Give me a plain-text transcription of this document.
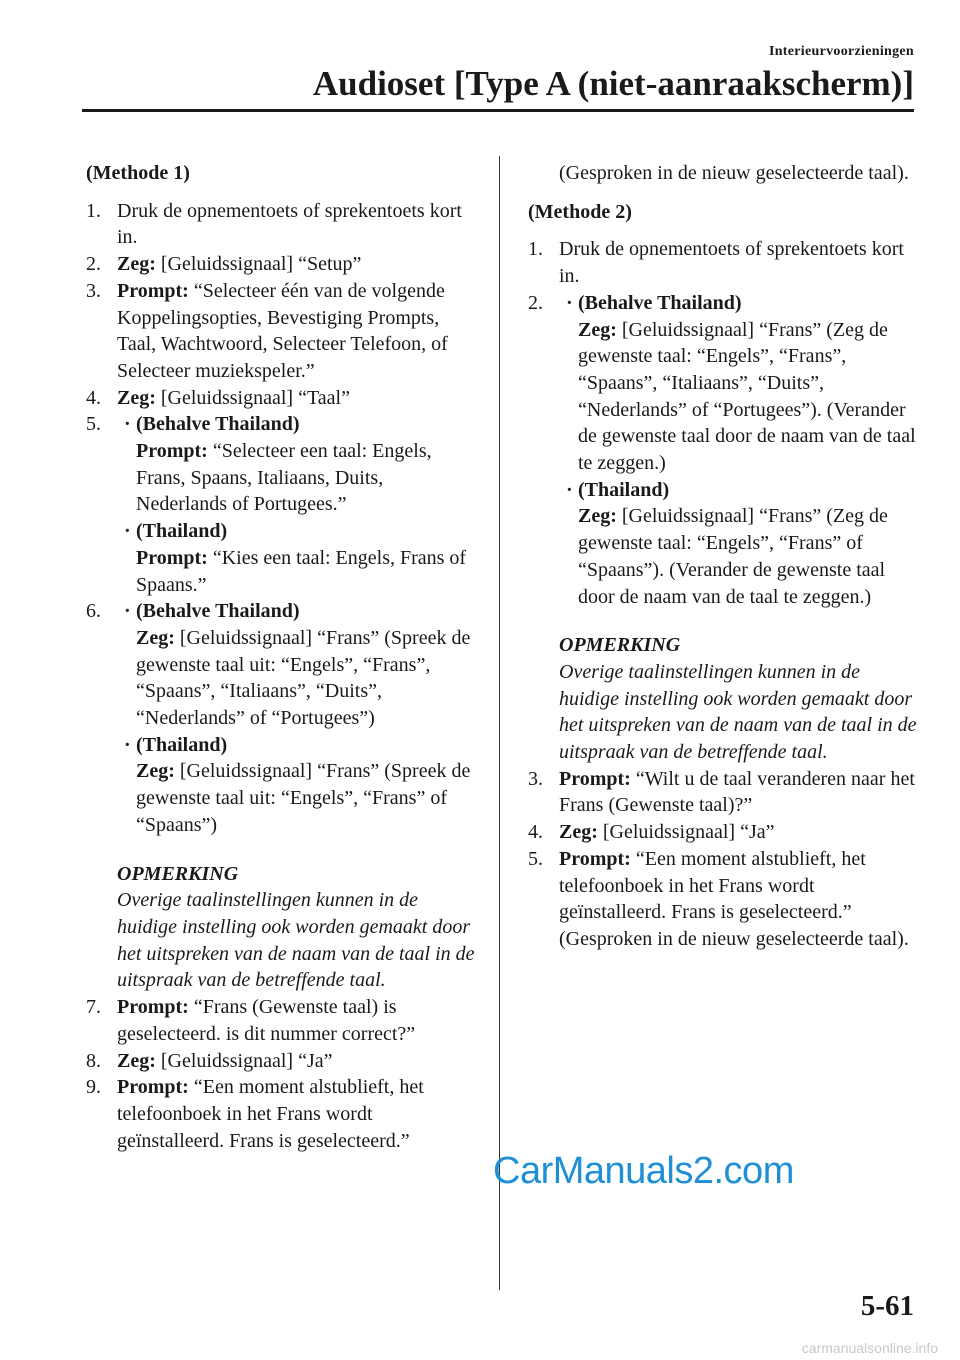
Interieurvoorzieningen
Audioset [Type A (niet-aanraakscherm)]
(Methode 1)
1. Druk de opnementoets of sprekentoets kort in.
2. Zeg: [Geluidssignaal] “Setup”
3. Prompt: “Selecteer één van de volgende Koppelingsopties, Bevestiging Prompts, Taal, Wachtwoord, Selecteer Telefoon, of Selecteer muziekspeler.”
4. Zeg: [Geluidssignaal] “Taal”
5. · (Behalve Thailand)
Prompt: “Selecteer een taal: Engels, Frans, Spaans, Italiaans, Duits, Nederlands of Portugees.”
· (Thailand)
Prompt: “Kies een taal: Engels, Frans of Spaans.”
6. · (Behalve Thailand)
Zeg: [Geluidssignaal] “Frans” (Spreek de gewenste taal uit: “Engels”, “Frans”, “Spaans”, “Italiaans”, “Duits”, “Nederlands” of “Portugees”)
· (Thailand)
Zeg: [Geluidssignaal] “Frans” (Spreek de gewenste taal uit: “Engels”, “Frans” of “Spaans”)
OPMERKING
Overige taalinstellingen kunnen in de huidige instelling ook worden gemaakt door het uitspreken van de naam van de taal in de uitspraak van de betreffende taal.
7. Prompt: “Frans (Gewenste taal) is geselecteerd. is dit nummer correct?”
8. Zeg: [Geluidssignaal] “Ja”
9. Prompt: “Een moment alstublieft, het telefoonboek in het Frans wordt geïnstalleerd. Frans is geselecteerd.”
(Gesproken in de nieuw geselecteerde taal).
(Methode 2)
1. Druk de opnementoets of sprekentoets kort in.
2. · (Behalve Thailand)
Zeg: [Geluidssignaal] “Frans” (Zeg de gewenste taal: “Engels”, “Frans”, “Spaans”, “Italiaans”, “Duits”, “Nederlands” of “Portugees”). (Verander de gewenste taal door de naam van de taal te zeggen.)
· (Thailand)
Zeg: [Geluidssignaal] “Frans” (Zeg de gewenste taal: “Engels”, “Frans” of “Spaans”). (Verander de gewenste taal door de naam van de taal te zeggen.)
OPMERKING
Overige taalinstellingen kunnen in de huidige instelling ook worden gemaakt door het uitspreken van de naam van de taal in de uitspraak van de betreffende taal.
3. Prompt: “Wilt u de taal veranderen naar het Frans (Gewenste taal)?”
4. Zeg: [Geluidssignaal] “Ja”
5. Prompt: “Een moment alstublieft, het telefoonboek in het Frans wordt geïnstalleerd. Frans is geselecteerd.” (Gesproken in de nieuw geselecteerde taal).
CarManuals2.com
5-61
carmanualsonline.info
